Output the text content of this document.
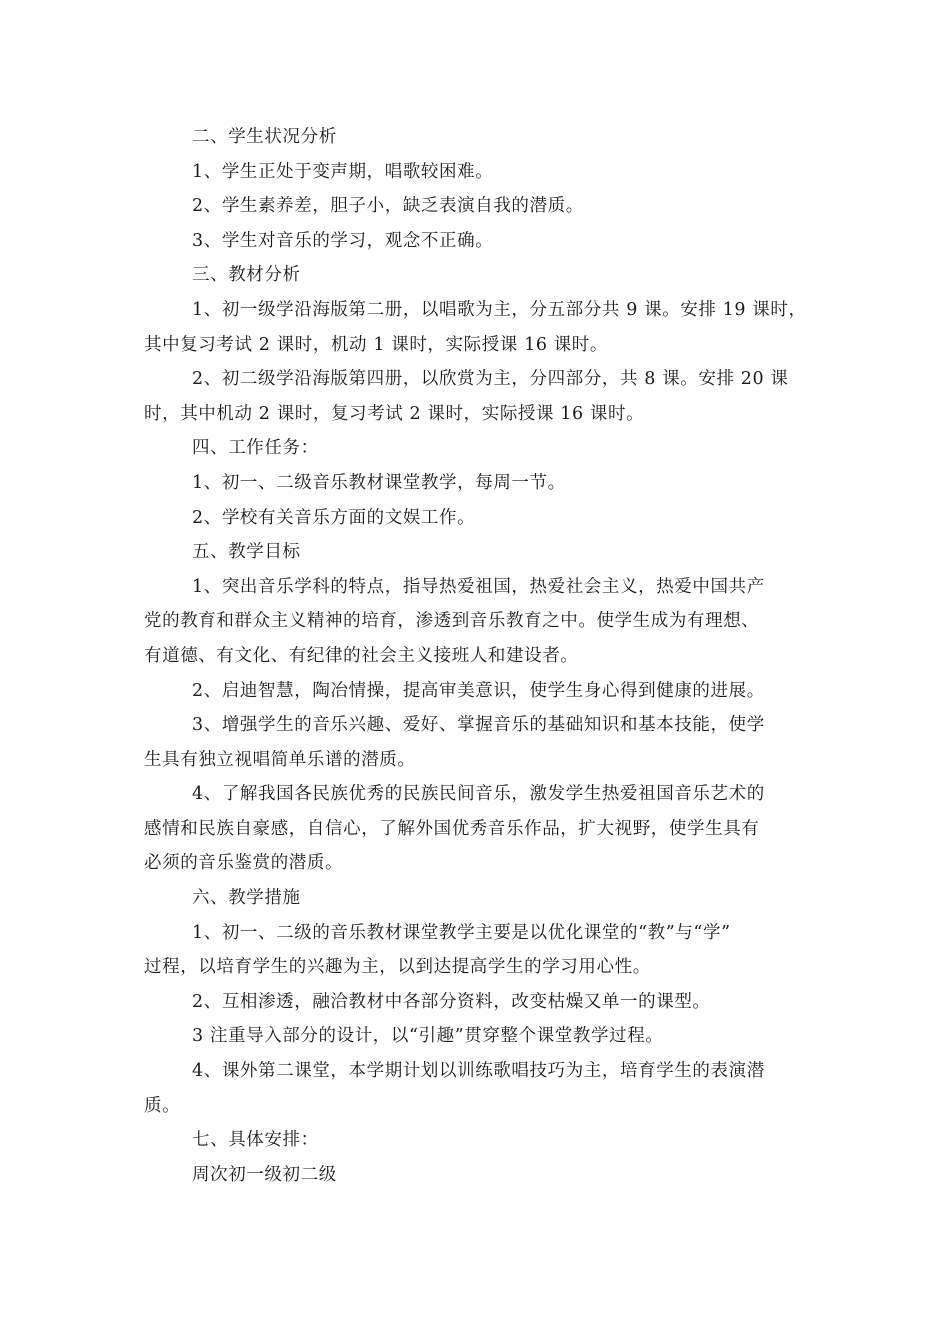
二、学生状况分析
1、学生正处于变声期，唱歌较困难。
2、学生素养差，胆子小，缺乏表演自我的潜质。
3、学生对音乐的学习，观念不正确。
三、教材分析
1、初一级学沿海版第二册，以唱歌为主，分五部分共 9 课。安排 19 课时，
其中复习考试 2 课时，机动 1 课时，实际授课 16 课时。
2、初二级学沿海版第四册，以欣赏为主，分四部分，共 8 课。安排 20 课
时，其中机动 2 课时，复习考试 2 课时，实际授课 16 课时。
四、工作任务：
1、初一、二级音乐教材课堂教学，每周一节。
2、学校有关音乐方面的文娱工作。
五、教学目标
1、突出音乐学科的特点，指导热爱祖国，热爱社会主义，热爱中国共产
党的教育和群众主义精神的培育，渗透到音乐教育之中。使学生成为有理想、
有道德、有文化、有纪律的社会主义接班人和建设者。
2、启迪智慧，陶冶情操，提高审美意识，使学生身心得到健康的进展。
3、增强学生的音乐兴趣、爱好、掌握音乐的基础知识和基本技能，使学
生具有独立视唱简单乐谱的潜质。
4、了解我国各民族优秀的民族民间音乐，激发学生热爱祖国音乐艺术的
感情和民族自豪感，自信心，了解外国优秀音乐作品，扩大视野，使学生具有
必须的音乐鉴赏的潜质。
六、教学措施
1、初一、二级的音乐教材课堂教学主要是以优化课堂的“教”与“学”
过程，以培育学生的兴趣为主，以到达提高学生的学习用心性。
2、互相渗透，融洽教材中各部分资料，改变枯燥又单一的课型。
3 注重导入部分的设计，以“引趣”贯穿整个课堂教学过程。
4、课外第二课堂，本学期计划以训练歌唱技巧为主，培育学生的表演潜
质。
七、具体安排：
周次初一级初二级
